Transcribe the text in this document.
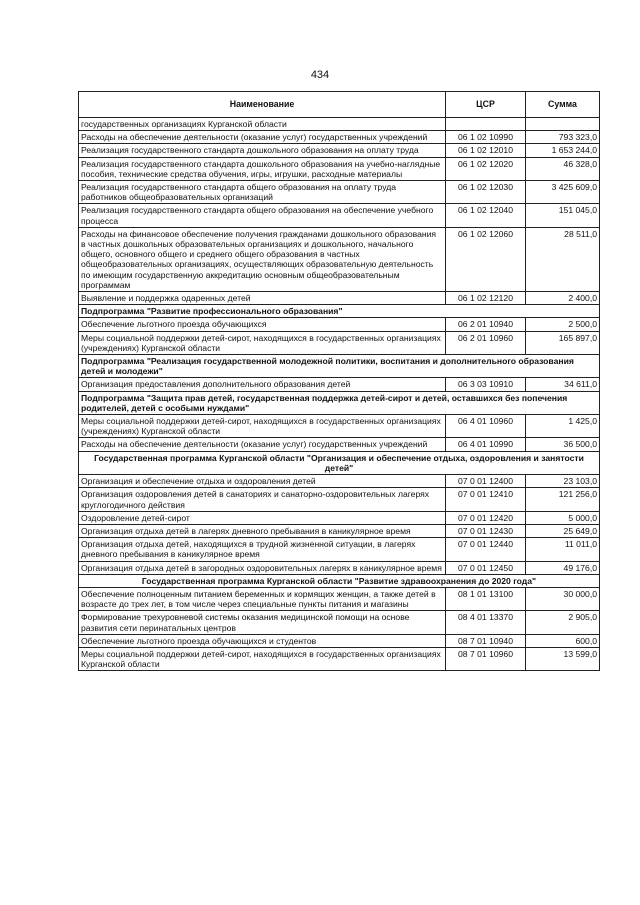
434
Наименование	ЦСР	Сумма
государственных организациях Курганской области		
Расходы на обеспечение деятельности (оказание услуг) государственных учреждений	06 1 02 10990	793 323,0
Реализация государственного стандарта дошкольного образования на оплату труда	06 1 02 12010	1 653 244,0
Реализация государственного стандарта дошкольного образования на учебно-наглядные пособия, технические средства обучения, игры, игрушки, расходные материалы	06 1 02 12020	46 328,0
Реализация государственного стандарта общего образования на оплату труда работников общеобразовательных организаций	06 1 02 12030	3 425 609,0
Реализация государственного стандарта общего образования на обеспечение учебного процесса	06 1 02 12040	151 045,0
Расходы на финансовое обеспечение получения гражданами дошкольного образования в частных дошкольных образовательных организациях и дошкольного, начального общего, основного общего и среднего общего образования в частных общеобразовательных организациях, осуществляющих образовательную деятельность по имеющим государственную аккредитацию основным общеобразовательным программам	06 1 02 12060	28 511,0
Выявление и поддержка одаренных детей	06 1 02 12120	2 400,0
Подпрограмма "Развитие профессионального образования"		
Обеспечение льготного проезда обучающихся	06 2 01 10940	2 500,0
Меры социальной поддержки детей-сирот, находящихся в государственных организациях (учреждениях) Курганской области	06 2 01 10960	165 897,0
Подпрограмма "Реализация государственной молодежной политики, воспитания и дополнительного образования детей и молодежи"		
Организация предоставления дополнительного образования детей	06 3 03 10910	34 611,0
Подпрограмма "Защита прав детей, государственная поддержка детей-сирот и детей, оставшихся без попечения родителей, детей с особыми нуждами"		
Меры социальной поддержки детей-сирот, находящихся в государственных организациях (учреждениях) Курганской области	06 4 01 10960	1 425,0
Расходы на обеспечение деятельности (оказание услуг) государственных учреждений	06 4 01 10990	36 500,0
Государственная программа Курганской области "Организация и обеспечение отдыха, оздоровления и занятости детей"		
Организация и обеспечение отдыха и оздоровления детей	07 0 01 12400	23 103,0
Организация оздоровления детей в санаториях и санаторно-оздоровительных лагерях круглогодичного действия	07 0 01 12410	121 256,0
Оздоровление детей-сирот	07 0 01 12420	5 000,0
Организация отдыха детей в лагерях дневного пребывания в каникулярное время	07 0 01 12430	25 649,0
Организация отдыха детей, находящихся в трудной жизненной ситуации, в лагерях дневного пребывания в каникулярное время	07 0 01 12440	11 011,0
Организация отдыха детей в загородных оздоровительных лагерях в каникулярное время	07 0 01 12450	49 176,0
Государственная программа Курганской области "Развитие здравоохранения до 2020 года"		
Обеспечение полноценным питанием беременных и кормящих женщин, а также детей в возрасте до трех лет, в том числе через специальные пункты питания и магазины	08 1 01 13100	30 000,0
Формирование трехуровневой системы оказания медицинской помощи на основе развития сети перинатальных центров	08 4 01 13370	2 905,0
Обеспечение льготного проезда обучающихся и студентов	08 7 01 10940	600,0
Меры социальной поддержки детей-сирот, находящихся в государственных организациях Курганской области	08 7 01 10960	13 599,0
